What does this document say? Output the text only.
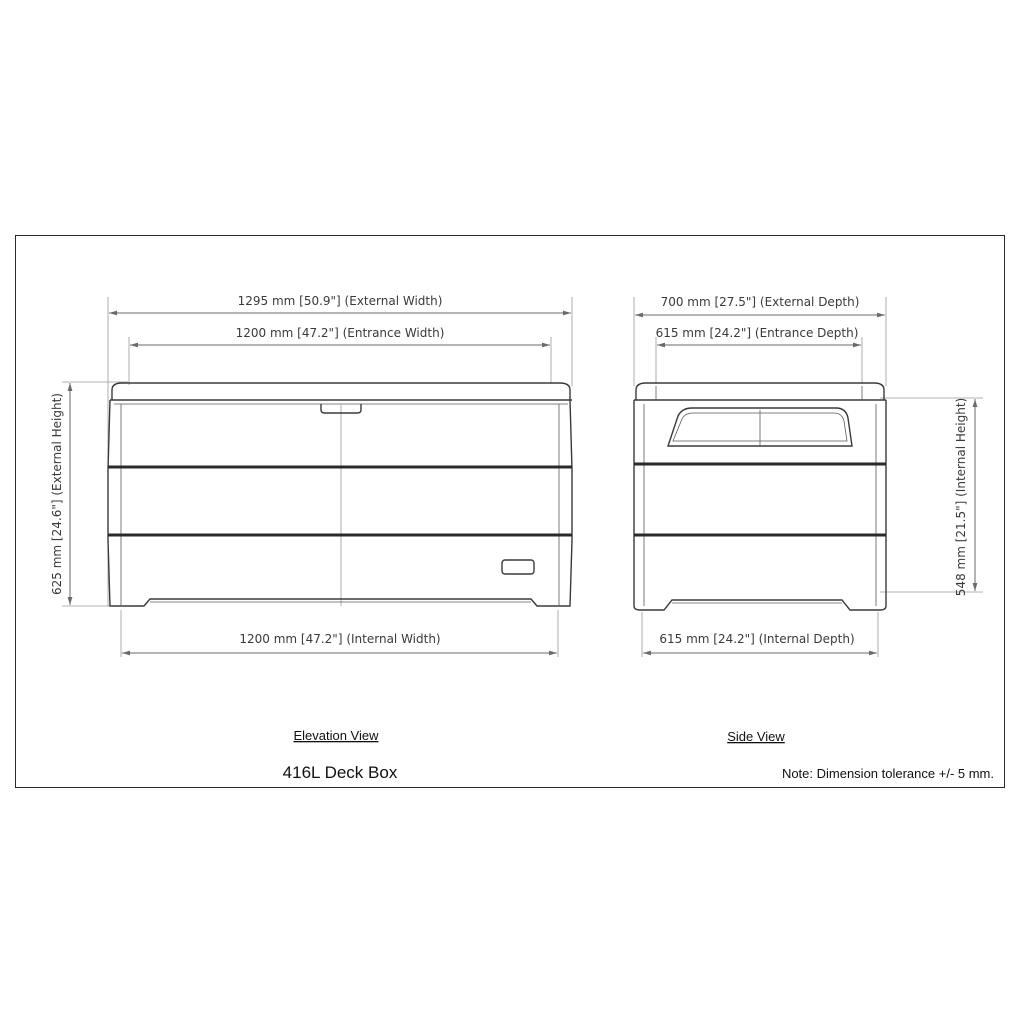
1295 mm [50.9"] (External Width)
1200 mm [47.2"] (Entrance Width)
1200 mm [47.2"] (Internal Width)
625 mm [24.6"] (External Height)
700 mm [27.5"] (External Depth)
615 mm [24.2"] (Entrance Depth)
615 mm [24.2"] (Internal Depth)
548 mm [21.5"] (Internal Height)
Elevation View	Side View
416L Deck Box	Note: Dimension tolerance +/- 5 mm.
